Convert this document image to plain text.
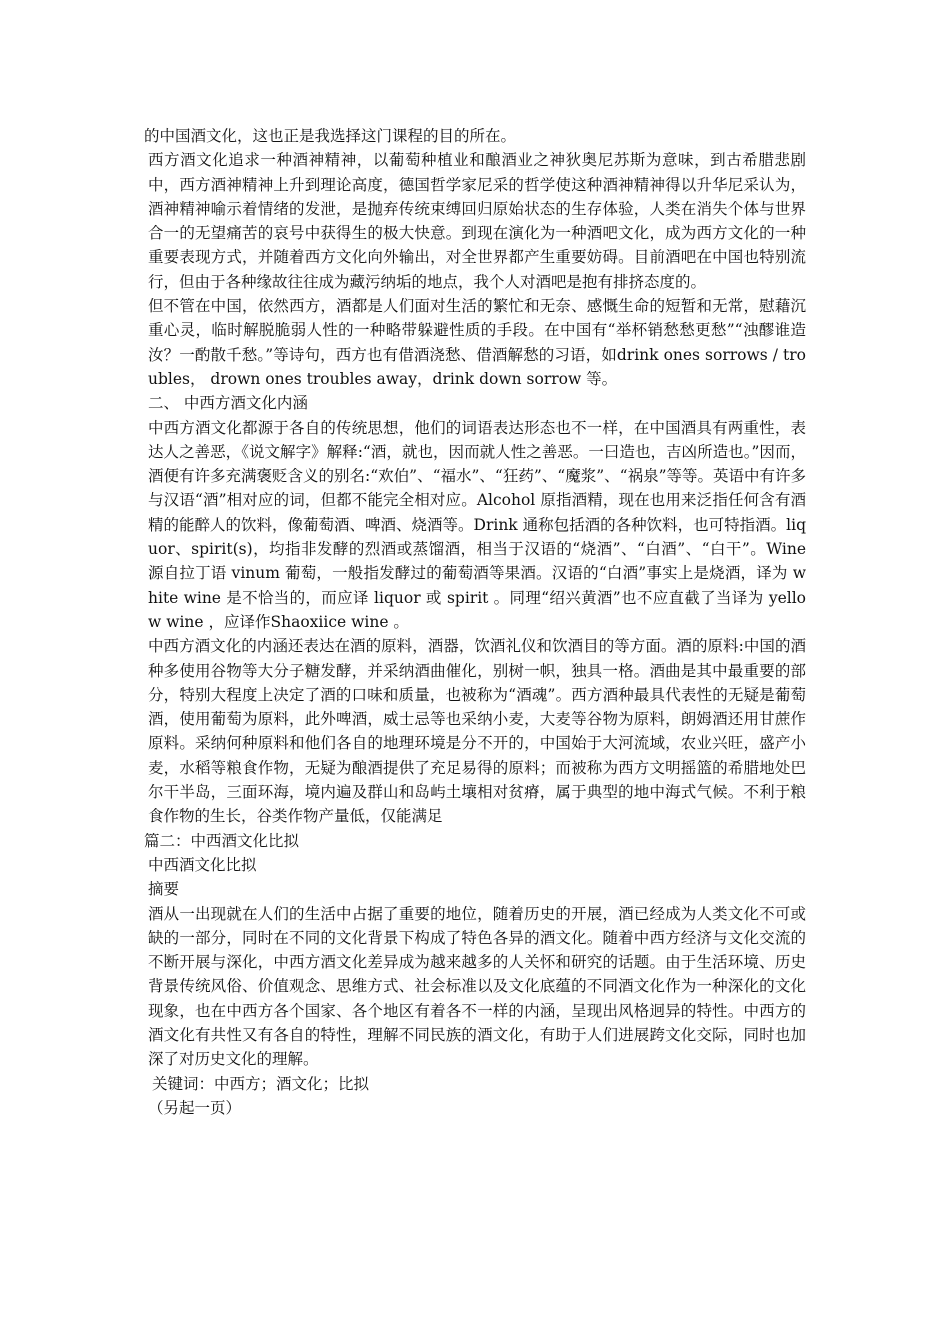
的中国酒文化，这也正是我选择这门课程的目的所在。

西方酒文化追求一种酒神精神，以葡萄种植业和酿酒业之神狄奥尼苏斯为意味，到古希腊悲剧中，西方酒神精神上升到理论高度，德国哲学家尼采的哲学使这种酒神精神得以升华尼采认为，酒神精神喻示着情绪的发泄，是抛弃传统束缚回归原始状态的生存体验，人类在消失个体与世界合一的无望痛苦的哀号中获得生的极大快意。到现在演化为一种酒吧文化，成为西方文化的一种重要表现方式，并随着西方文化向外输出，对全世界都产生重要妨碍。目前酒吧在中国也特别流行，但由于各种缘故往往成为藏污纳垢的地点，我个人对酒吧是抱有排挤态度的。

但不管在中国，依然西方，酒都是人们面对生活的繁忙和无奈、感慨生命的短暂和无常，慰藉沉重心灵，临时解脱脆弱人性的一种略带躲避性质的手段。在中国有“举杯销愁愁更愁”“浊醪谁造汝？一酌散千愁。”等诗句，西方也有借酒浇愁、借酒解愁的习语，如drink ones sorrows / troubles， drown ones troubles away，drink down sorrow 等。

二、 中西方酒文化内涵

中西方酒文化都源于各自的传统思想，他们的词语表达形态也不一样，在中国酒具有两重性，表达人之善恶，《说文解字》解释:“酒，就也，因而就人性之善恶。一曰造也，吉凶所造也。”因而，酒便有许多充满褒贬含义的别名:“欢伯”、“福水”、“狂药”、“魔浆”、“祸泉”等等。英语中有许多与汉语“酒”相对应的词，但都不能完全相对应。Alcohol 原指酒精，现在也用来泛指任何含有酒精的能醉人的饮料，像葡萄酒、啤酒、烧酒等。Drink 通称包括酒的各种饮料，也可特指酒。liquor、spirit(s)，均指非发酵的烈酒或蒸馏酒，相当于汉语的“烧酒”、“白酒”、“白干”。Wine 源自拉丁语 vinum 葡萄，一般指发酵过的葡萄酒等果酒。汉语的“白酒”事实上是烧酒，译为 white wine 是不恰当的，而应译 liquor 或 spirit 。同理“绍兴黄酒”也不应直截了当译为 yellow wine ，应译作Shaoxiice wine 。

中西方酒文化的内涵还表达在酒的原料，酒器，饮酒礼仪和饮酒目的等方面。酒的原料:中国的酒种多使用谷物等大分子糖发酵，并采纳酒曲催化，别树一帜，独具一格。酒曲是其中最重要的部分，特别大程度上决定了酒的口味和质量，也被称为“酒魂”。西方酒种最具代表性的无疑是葡萄酒，使用葡萄为原料，此外啤酒，威士忌等也采纳小麦，大麦等谷物为原料，朗姆酒还用甘蔗作原料。采纳何种原料和他们各自的地理环境是分不开的，中国始于大河流域，农业兴旺，盛产小麦，水稻等粮食作物，无疑为酿酒提供了充足易得的原料；而被称为西方文明摇篮的希腊地处巴尔干半岛，三面环海，境内遍及群山和岛屿土壤相对贫瘠，属于典型的地中海式气候。不利于粮食作物的生长，谷类作物产量低，仅能满足

篇二：中西酒文化比拟

中西酒文化比拟

摘要

酒从一出现就在人们的生活中占据了重要的地位，随着历史的开展，酒已经成为人类文化不可或缺的一部分，同时在不同的文化背景下构成了特色各异的酒文化。随着中西方经济与文化交流的不断开展与深化，中西方酒文化差异成为越来越多的人关怀和研究的话题。由于生活环境、历史背景传统风俗、价值观念、思维方式、社会标准以及文化底蕴的不同酒文化作为一种深化的文化现象，也在中西方各个国家、各个地区有着各不一样的内涵，呈现出风格迥异的特性。中西方的酒文化有共性又有各自的特性，理解不同民族的酒文化，有助于人们进展跨文化交际，同时也加深了对历史文化的理解。

关键词：中西方；酒文化；比拟

（另起一页）
